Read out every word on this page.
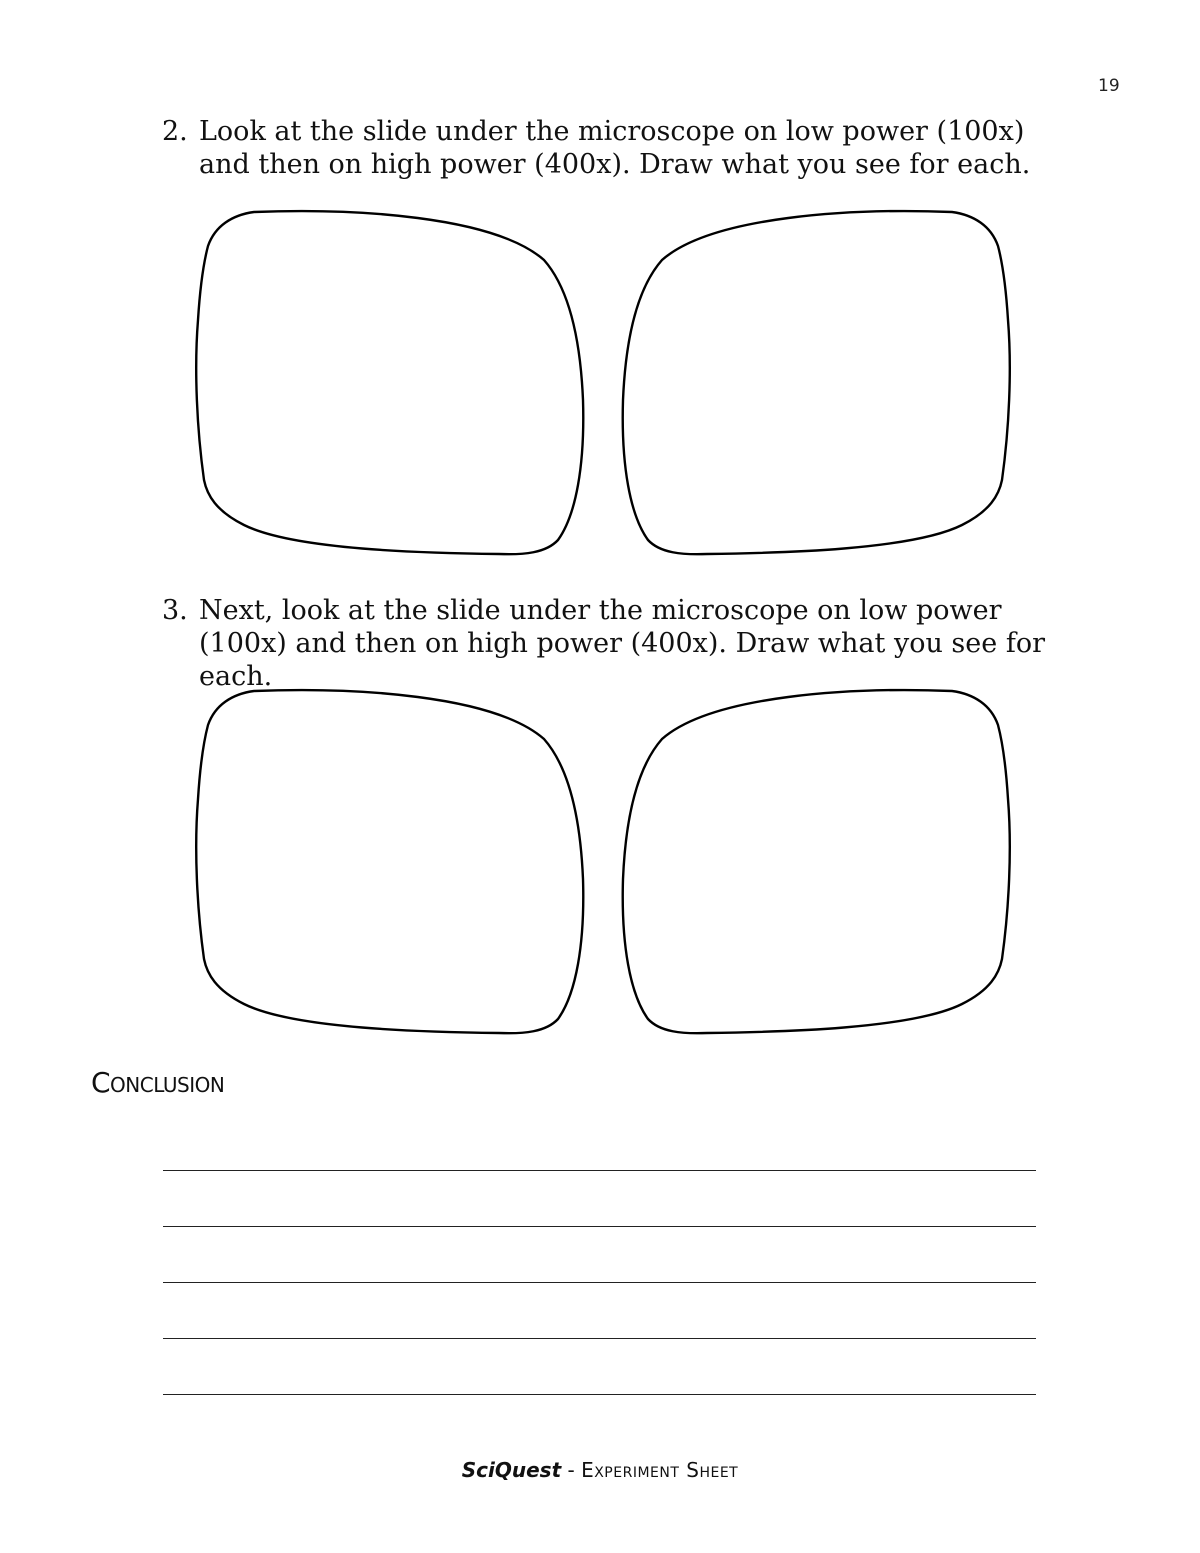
19
2. Look at the slide under the microscope on low power (100x) and then on high power (400x). Draw what you see for each.
3. Next, look at the slide under the microscope on low power (100x) and then on high power (400x). Draw what you see for each.
Conclusion
SciQuest - Experiment Sheet
